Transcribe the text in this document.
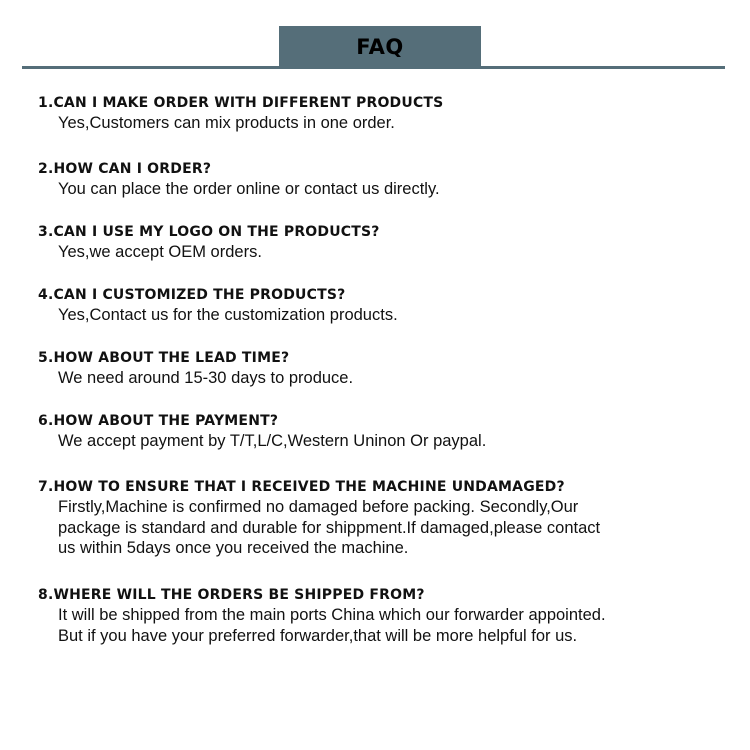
FAQ
1.CAN I MAKE ORDER WITH DIFFERENT PRODUCTS
Yes,Customers can mix products in one order.
2.HOW CAN I ORDER?
You can place the order online or contact us directly.
3.CAN I USE MY LOGO ON THE PRODUCTS?
Yes,we accept OEM orders.
4.CAN I CUSTOMIZED THE PRODUCTS?
Yes,Contact us for the customization products.
5.HOW ABOUT THE LEAD TIME?
We need around 15-30 days to produce.
6.HOW ABOUT THE PAYMENT?
We accept payment by T/T,L/C,Western Uninon Or paypal.
7.HOW TO ENSURE THAT I RECEIVED THE MACHINE UNDAMAGED?
Firstly,Machine is confirmed no damaged before packing. Secondly,Our
package is standard and durable for shippment.If damaged,please contact
us within 5days once you received the machine.
8.WHERE WILL THE ORDERS BE SHIPPED FROM?
It will be shipped from the main ports China which our forwarder appointed.
But if you have your preferred forwarder,that will be more helpful for us.
